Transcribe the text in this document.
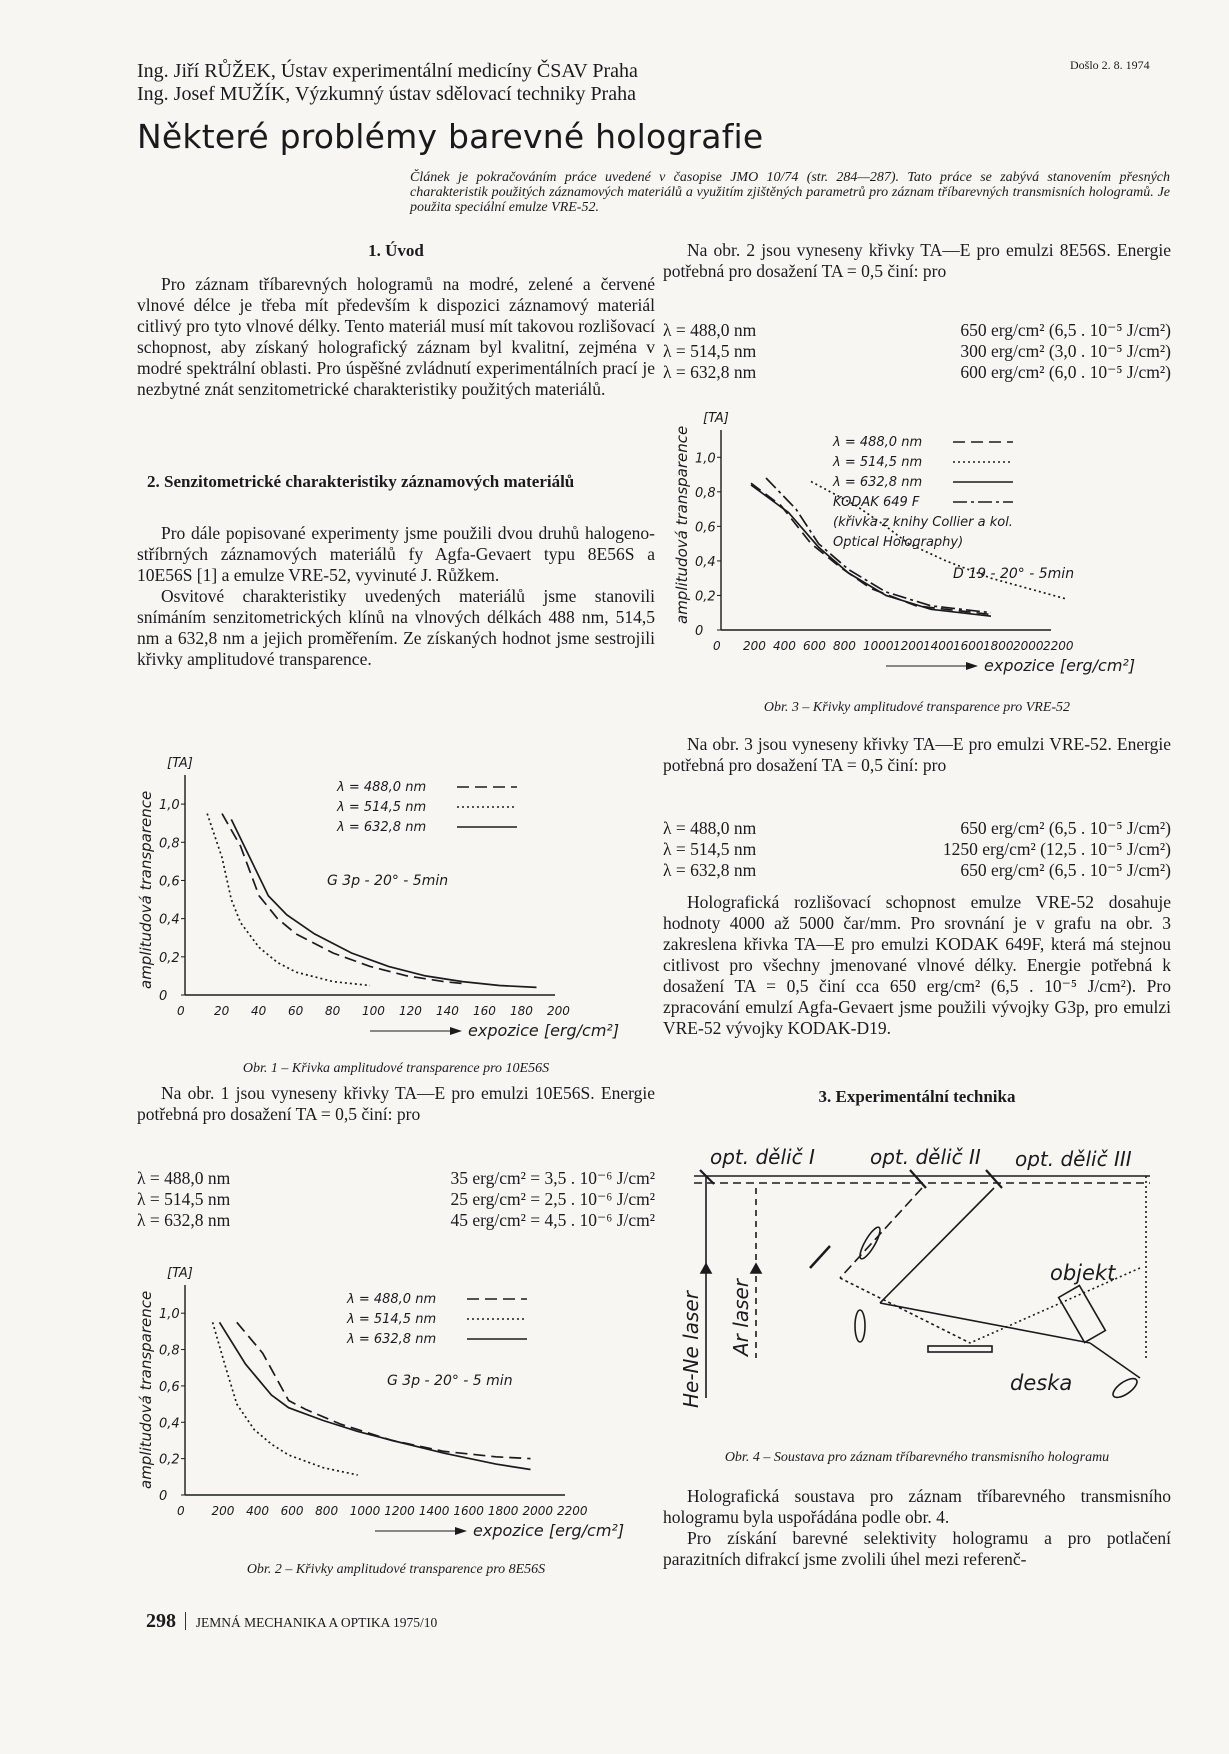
Ing. Jiří RŮŽEK, Ústav experimentální medicíny ČSAV Praha
Ing. Josef MUŽÍK, Výzkumný ústav sdělovací techniky Praha
Došlo 2. 8. 1974
Některé problémy barevné holografie
Článek je pokračováním práce uvedené v časopise JMO 10/74 (str. 284—287). Tato práce se zabývá stanovením přesných charakteristik použitých záznamových materiálů a využitím zjištěných parametrů pro záznam tříbarevných transmisních hologramů. Je použita speciální emulze VRE-52.
1. Úvod

Pro záznam tříbarevných hologramů na modré, zelené a červené vlnové délce je třeba mít především k dispozici záznamový materiál citlivý pro tyto vlnové délky. Tento materiál musí mít takovou rozlišovací schopnost, aby získaný holografický záznam byl kvalitní, zejména v modré spektrální oblasti. Pro úspěšné zvládnutí experimentálních prací je nezbytné znát senzitometrické charakteristiky použitých materiálů.

2. Senzitometrické charakteristiky záznamových materiálů

Pro dále popisované experimenty jsme použili dvou druhů halogeno-stříbrných záznamových materiálů fy Agfa-Gevaert typu 8E56S a 10E56S [1] a emulze VRE-52, vyvinuté J. Růžkem.

Osvitové charakteristiky uvedených materiálů jsme stanovili snímáním senzitometrických klínů na vlnových délkách 488 nm, 514,5 nm a 632,8 nm a jejich proměřením. Ze získaných hodnot jsme sestrojili křivky amplitudové transparence.

1,0
0,8
0,6
0,4
0,2
0
[TA]
amplitudová transparence
0 20 40 60 80 100 120 140 160 180 200
expozice [erg/cm²]
λ = 488,0 nm
λ = 514,5 nm
λ = 632,8 nm
G 3p - 20° - 5min
Obr. 1 – Křivka amplitudové transparence pro 10E56S

Na obr. 1 jsou vyneseny křivky TA—E pro emulzi 10E56S. Energie potřebná pro dosažení TA = 0,5 činí: pro

λ = 488,0 nm	35 erg/cm² = 3,5 . 10⁻⁶ J/cm²
λ = 514,5 nm	25 erg/cm² = 2,5 . 10⁻⁶ J/cm²
λ = 632,8 nm	45 erg/cm² = 4,5 . 10⁻⁶ J/cm²
1,0
0,8
0,6
0,4
0,2
0
[TA]
amplitudová transparence
0 200 400 600 800 1000 1200 1400 1600 1800 2000 2200
expozice [erg/cm²]
λ = 488,0 nm
λ = 514,5 nm
λ = 632,8 nm
G 3p - 20° - 5 min
Obr. 2 – Křivky amplitudové transparence pro 8E56S
298 JEMNÁ MECHANIKA A OPTIKA 1975/10

Na obr. 2 jsou vyneseny křivky TA—E pro emulzi 8E56S. Energie potřebná pro dosažení TA = 0,5 činí: pro

λ = 488,0 nm	650 erg/cm² (6,5 . 10⁻⁵ J/cm²)
λ = 514,5 nm	300 erg/cm² (3,0 . 10⁻⁵ J/cm²)
λ = 632,8 nm	600 erg/cm² (6,0 . 10⁻⁵ J/cm²)
1,0
0,8
0,6
0,4
0,2
0
[TA]
amplitudová transparence
0 200 400 600 800 1000 1200 1400 1600 1800 2000 2200
expozice [erg/cm²]
λ = 488,0 nm
λ = 514,5 nm
λ = 632,8 nm
KODAK 649 F
(křivka z knihy Collier a kol.
Optical Holography)
D 19 - 20° - 5min
Obr. 3 – Křivky amplitudové transparence pro VRE-52

Na obr. 3 jsou vyneseny křivky TA—E pro emulzi VRE-52. Energie potřebná pro dosažení TA = 0,5 činí: pro

λ = 488,0 nm	650 erg/cm² (6,5 . 10⁻⁵ J/cm²)
λ = 514,5 nm	1250 erg/cm² (12,5 . 10⁻⁵ J/cm²)
λ = 632,8 nm	650 erg/cm² (6,5 . 10⁻⁵ J/cm²)

Holografická rozlišovací schopnost emulze VRE-52 dosahuje hodnoty 4000 až 5000 čar/mm. Pro srovnání je v grafu na obr. 3 zakreslena křivka TA—E pro emulzi KODAK 649F, která má stejnou citlivost pro všechny jmenované vlnové délky. Energie potřebná k dosažení TA = 0,5 činí cca 650 erg/cm² (6,5 . 10⁻⁵ J/cm²). Pro zpracování emulzí Agfa-Gevaert jsme použili vývojky G3p, pro emulzi VRE-52 vývojky KODAK-D19.

3. Experimentální technika
opt. dělič I	opt. dělič II opt. dělič III
He-Ne laser Ar laser
objekt
deska
Obr. 4 – Soustava pro záznam tříbarevného transmisního hologramu

Holografická soustava pro záznam tříbarevného transmisního hologramu byla uspořádána podle obr. 4.

Pro získání barevné selektivity hologramu a pro potlačení parazitních difrakcí jsme zvolili úhel mezi referenč-
